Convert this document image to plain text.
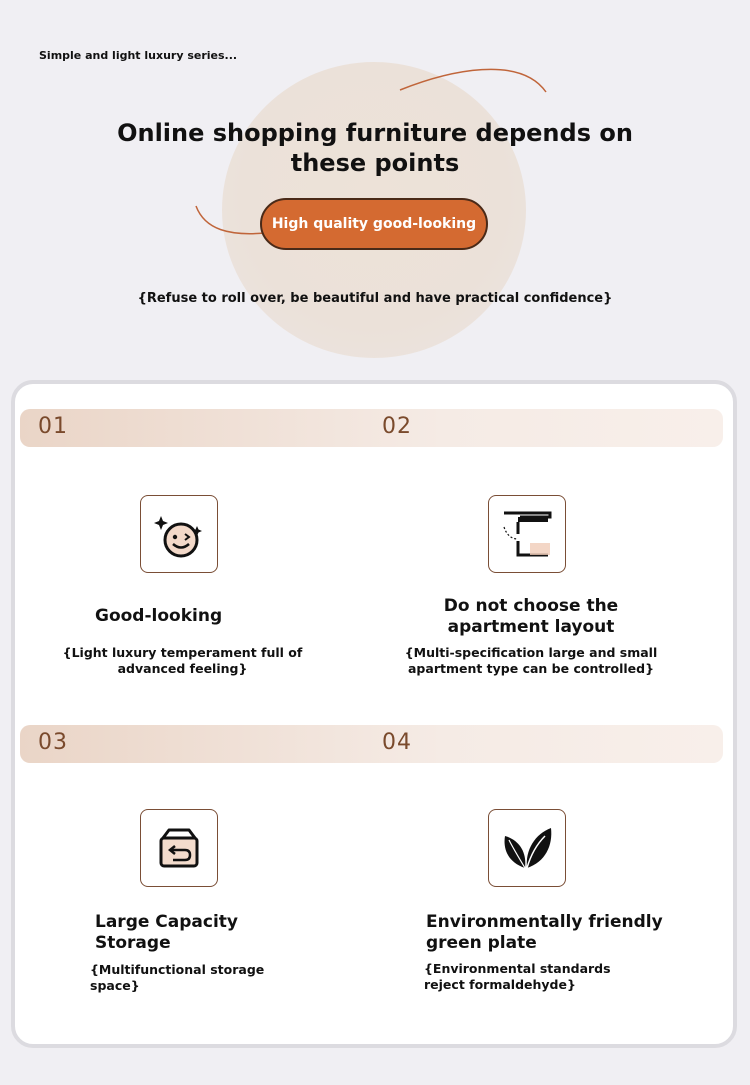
Simple and light luxury series...
Online shopping furniture depends on
these points
High quality good-looking
{Refuse to roll over, be beautiful and have practical confidence}
01	02
Good-looking
{Light luxury temperament full of
advanced feeling}
Do not choose the
apartment layout
{Multi-specification large and small
apartment type can be controlled}
03	04
Large Capacity
Storage
{Multifunctional storage
space}
Environmentally friendly
green plate
{Environmental standards
reject formaldehyde}
